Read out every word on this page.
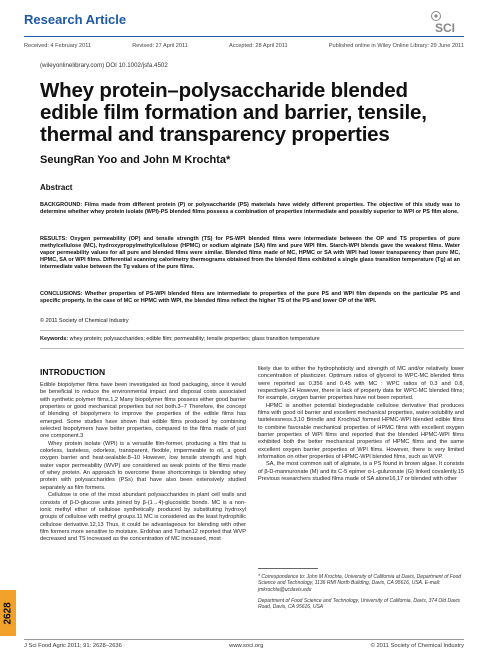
Research Article
SCI
Received: 4 February 2011	Revised: 27 April 2011	Accepted: 28 April 2011	Published online in Wiley Online Library: 29 June 2011
(wileyonlinelibrary.com) DOI 10.1002/jsfa.4502
Whey protein–polysaccharide blended edible film formation and barrier, tensile, thermal and transparency properties
SeungRan Yoo and John M Krochta*
Abstract

BACKGROUND: Films made from different protein (P) or polysaccharide (PS) materials have widely different properties. The objective of this study was to determine whether whey protein isolate (WPI)-PS blended films possess a combination of properties intermediate and possibly superior to WPI or PS film alone.

RESULTS: Oxygen permeability (OP) and tensile strength (TS) for PS-WPI blended films were intermediate between the OP and TS properties of pure methylcellulose (MC), hydroxypropylmethylcellulose (HPMC) or sodium alginate (SA) film and pure WPI film. Starch-WPI blends gave the weakest films. Water vapor permeability values for all pure and blended films were similar. Blended films made of MC, HPMC or SA with WPI had lower transparency than pure MC, HPMC, SA or WPI films. Differential scanning calorimetry thermograms obtained from the blended films exhibited a single glass transition temperature (Tg) at an intermediate value between the Tg values of the pure films.

CONCLUSIONS: Whether properties of PS-WPI blended films are intermediate to properties of the pure PS and WPI film depends on the particular PS and specific property. In the case of MC or HPMC with WPI, the blended films reflect the higher TS of the PS and lower OP of the WPI.

© 2011 Society of Chemical Industry
Keywords: whey protein; polysaccharides; edible film; permeability; tensile properties; glass transition temperature
INTRODUCTION

Edible biopolymer films have been investigated as food packaging, since it would be beneficial to reduce the environmental impact and disposal costs associated with synthetic polymer films.1,2 Many biopolymer films possess either good barrier properties or good mechanical properties but not both.3–7 Therefore, the concept of blending of biopolymers to improve the properties of the edible films has emerged. Some studies have shown that edible films produced by combining selected biopolymers have better properties, compared to the films made of just one component.3

Whey protein isolate (WPI) is a versatile film-former, producing a film that is colorless, tasteless, odorless, transparent, flexible, impermeable to oil, a good oxygen barrier and heat-sealable.8–10 However, low tensile strength and high water vapor permeability (WVP) are considered as weak points of the films made of whey protein. An approach to overcome these shortcomings is blending whey protein with polysaccharides (PSs) that have also been extensively studied separately as film formers.

Cellulose is one of the most abundant polysaccharides in plant cell walls and consists of β-D-glucose units joined by β-(1→4)-glucosidic bonds. MC is a non-ionic methyl ether of cellulose synthetically produced by substituting hydroxyl groups of cellulose with methyl groups.11 MC is considered as the least hydrophilic cellulose derivative.12,13 Thus, it could be advantageous for blending with other film formers more sensitive to moisture. Erdohan and Turhan12 reported that WVP decreased and TS increased as the concentration of MC increased, most

likely due to either the hydrophobicity and strength of MC and/or relatively lower concentration of plasticizer. Optimum ratios of glycerol to WPC-MC blended films were reported as 0.356 and 0.45 with MC : WPC ratios of 0.3 and 0.8, respectively.14 However, there is lack of property data for WPC-MC blended films; for example, oxygen barrier properties have not been reported.

HPMC is another potential biodegradable cellulose derivative that produces films with good oil barrier and excellent mechanical properties, water-solubility and tastelessness.3,10 Brindle and Krochta3 formed HPMC-WPI blended edible films to combine favorable mechanical properties of HPMC films with excellent oxygen barrier properties of WPI films and reported that the blended HPMC-WPI films exhibited both the better mechanical properties of HPMC films and the same excellent oxygen barrier properties of WPI films. However, there is very limited information on other properties of HPMC-WPI blended films, such as WVP.

SA, the most common salt of alginate, is a PS found in brown algae. It consists of β-D-mannuronate (M) and its C-5 epimer α-L-guluronate (G) linked covalently.15 Previous researchers studied films made of SA alone16,17 or blended with other

* Correspondence to: John M Krochta, University of California at Davis, Department of Food Science and Technology, 1136 RMI North Building, Davis, CA 95616, USA. E-mail: jmkrochta@ucdavis.edu
Department of Food Science and Technology, University of California, Davis, 374 Old Davis Road, Davis, CA 95616, USA
2628
J Sci Food Agric 2011; 91: 2628–2636	www.soci.org	© 2011 Society of Chemical Industry
